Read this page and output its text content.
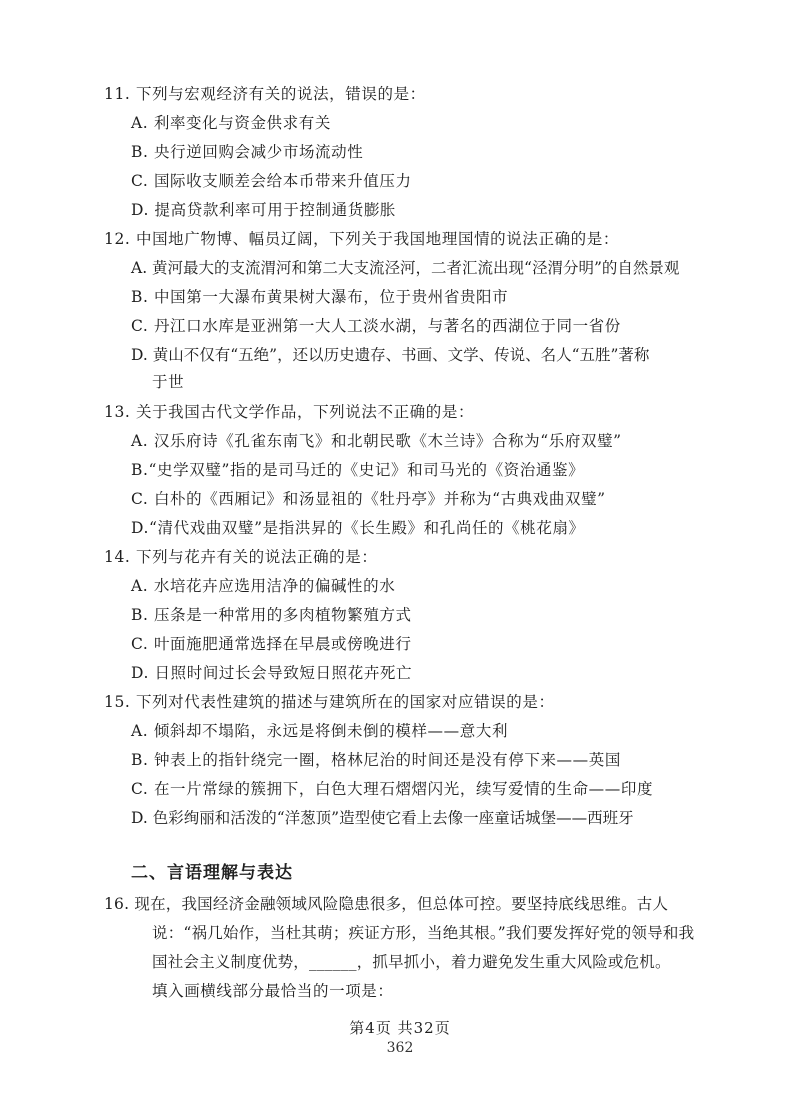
11. 下列与宏观经济有关的说法，错误的是：
A. 利率变化与资金供求有关
B. 央行逆回购会减少市场流动性
C. 国际收支顺差会给本币带来升值压力
D. 提高贷款利率可用于控制通货膨胀
12. 中国地广物博、幅员辽阔，下列关于我国地理国情的说法正确的是：
A. 黄河最大的支流渭河和第二大支流泾河，二者汇流出现“泾渭分明”的自然景观
B. 中国第一大瀑布黄果树大瀑布，位于贵州省贵阳市
C. 丹江口水库是亚洲第一大人工淡水湖，与著名的西湖位于同一省份
D. 黄山不仅有“五绝”，还以历史遗存、书画、文学、传说、名人“五胜”著称
于世
13. 关于我国古代文学作品，下列说法不正确的是：
A. 汉乐府诗《孔雀东南飞》和北朝民歌《木兰诗》合称为“乐府双璧”
B.“史学双璧”指的是司马迁的《史记》和司马光的《资治通鉴》
C. 白朴的《西厢记》和汤显祖的《牡丹亭》并称为“古典戏曲双璧”
D.“清代戏曲双璧”是指洪昇的《长生殿》和孔尚任的《桃花扇》
14. 下列与花卉有关的说法正确的是：
A. 水培花卉应选用洁净的偏碱性的水
B. 压条是一种常用的多肉植物繁殖方式
C. 叶面施肥通常选择在早晨或傍晚进行
D. 日照时间过长会导致短日照花卉死亡
15. 下列对代表性建筑的描述与建筑所在的国家对应错误的是：
A. 倾斜却不塌陷，永远是将倒未倒的模样——意大利
B. 钟表上的指针绕完一圈，格林尼治的时间还是没有停下来——英国
C. 在一片常绿的簇拥下，白色大理石熠熠闪光，续写爱情的生命——印度
D. 色彩绚丽和活泼的“洋葱顶”造型使它看上去像一座童话城堡——西班牙
二、言语理解与表达
16. 现在，我国经济金融领域风险隐患很多，但总体可控。要坚持底线思维。古人
说：“祸几始作，当杜其萌；疾证方形，当绝其根。”我们要发挥好党的领导和我
国社会主义制度优势，______，抓早抓小，着力避免发生重大风险或危机。
填入画横线部分最恰当的一项是：
第4页 共32页
362
